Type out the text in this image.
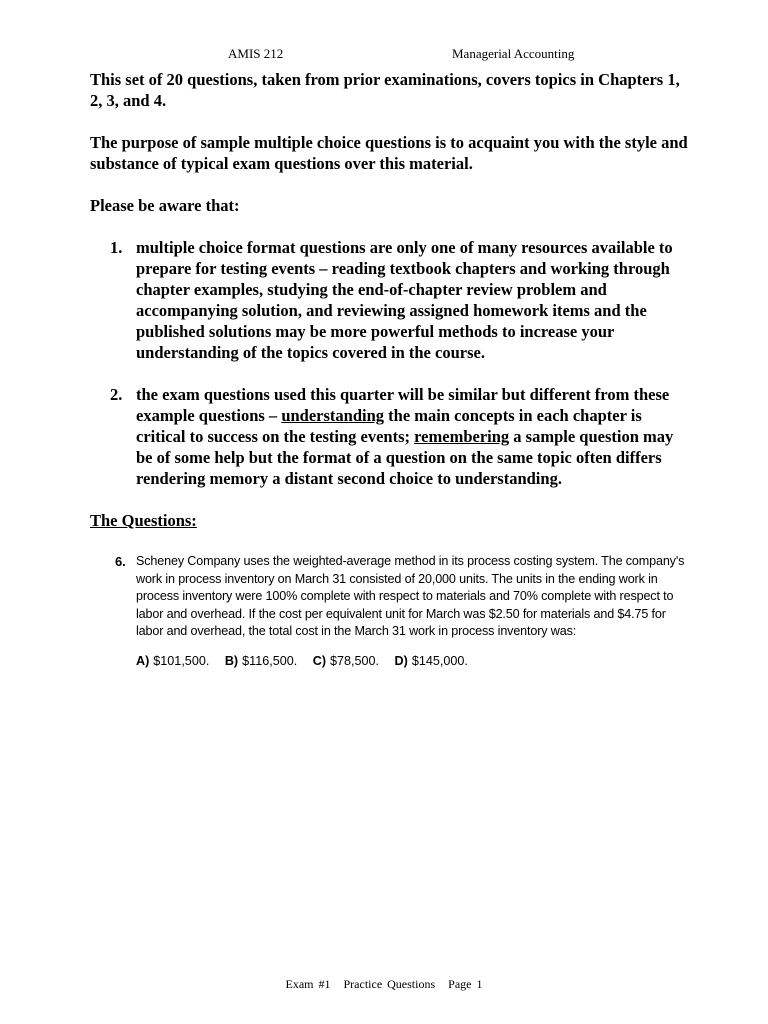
AMIS 212	Managerial Accounting

This set of 20 questions, taken from prior examinations, covers topics in Chapters 1, 2, 3, and 4.

The purpose of sample multiple choice questions is to acquaint you with the style and substance of typical exam questions over this material.

Please be aware that:

1. multiple choice format questions are only one of many resources available to prepare for testing events – reading textbook chapters and working through chapter examples, studying the end-of-chapter review problem and accompanying solution, and reviewing assigned homework items and the published solutions may be more powerful methods to increase your understanding of the topics covered in the course.
2. the exam questions used this quarter will be similar but different from these example questions – understanding the main concepts in each chapter is critical to success on the testing events; remembering a sample question may be of some help but the format of a question on the same topic often differs rendering memory a distant second choice to understanding.

The Questions:

6. Scheney Company uses the weighted-average method in its process costing system. The company's work in process inventory on March 31 consisted of 20,000 units. The units in the ending work in process inventory were 100% complete with respect to materials and 70% complete with respect to labor and overhead. If the cost per equivalent unit for March was $2.50 for materials and $4.75 for labor and overhead, the total cost in the March 31 work in process inventory was:
A) $101,500. B) $116,500. C) $78,500. D) $145,000.
Exam #1 Practice Questions Page 1
